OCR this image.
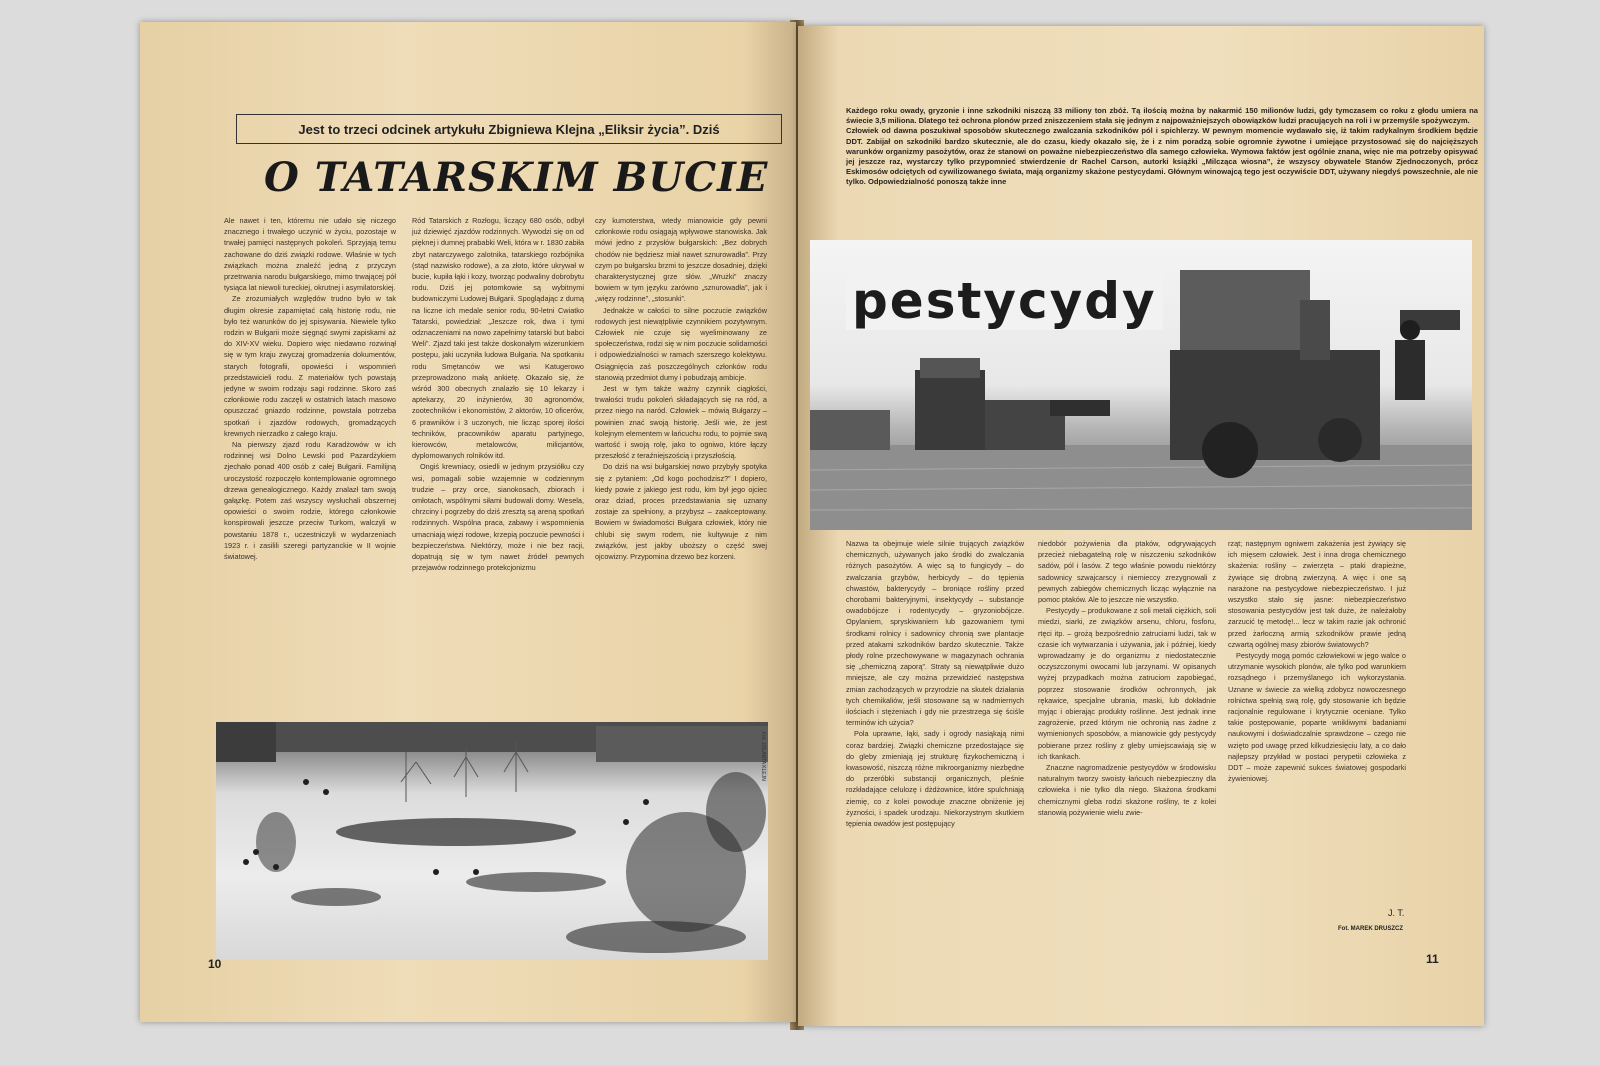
Jest to trzeci odcinek artykułu Zbigniewa Klejna „Eliksir życia”. Dziś
O TATARSKIM BUCIE

Ale nawet i ten, któremu nie udało się niczego znacznego i trwałego uczynić w życiu, pozostaje w trwałej pamięci następnych pokoleń. Sprzyjają temu zachowane do dziś związki rodowe. Właśnie w tych związkach można znaleźć jedną z przyczyn przetrwania narodu bułgarskiego, mimo trwającej pół tysiąca lat niewoli tureckiej, okrutnej i asymilatorskiej.

Ze zrozumiałych względów trudno było w tak długim okresie zapamiętać całą historię rodu, nie było też warunków do jej spisywania. Niewiele tylko rodzin w Bułgarii może sięgnąć swymi zapiskami aż do XIV-XV wieku. Dopiero więc niedawno rozwinął się w tym kraju zwyczaj gromadzenia dokumentów, starych fotografii, opowieści i wspomnień przedstawicieli rodu. Z materiałów tych powstają jedyne w swoim rodzaju sagi rodzinne. Skoro zaś członkowie rodu zaczęli w ostatnich latach masowo opuszczać gniazdo rodzinne, powstała potrzeba spotkań i zjazdów rodowych, gromadzących krewnych nierzadko z całego kraju.

Na pierwszy zjazd rodu Karadżowów w ich rodzinnej wsi Dolno Lewski pod Pazardżykiem zjechało ponad 400 osób z całej Bułgarii. Familijną uroczystość rozpoczęło kontemplowanie ogromnego drzewa genealogicznego. Każdy znalazł tam swoją gałązkę. Potem zaś wszyscy wysłuchali obszernej opowieści o swoim rodzie, którego członkowie konspirowali jeszcze przeciw Turkom, walczyli w powstaniu 1878 r., uczestniczyli w wydarzeniach 1923 r. i zasilili szeregi partyzanckie w II wojnie światowej.

Ród Tatarskich z Rozłogu, liczący 680 osób, odbył już dziewięć zjazdów rodzinnych. Wywodzi się on od pięknej i dumnej prababki Weli, która w r. 1830 zabiła zbyt natarczywego zalotnika, tatarskiego rozbójnika (stąd nazwisko rodowe), a za złoto, które ukrywał w bucie, kupiła łąki i kozy, tworząc podwaliny dobrobytu rodu. Dziś jej potomkowie są wybitnymi budowniczymi Ludowej Bułgarii. Spoglądając z dumą na liczne ich medale senior rodu, 90-letni Cwiatko Tatarski, powiedział: „Jeszcze rok, dwa i tymi odznaczeniami na nowo zapełnimy tatarski but babci Weli”. Zjazd taki jest także doskonałym wizerunkiem postępu, jaki uczyniła ludowa Bułgaria. Na spotkaniu rodu Smętanców we wsi Katugerowo przeprowadzono małą ankietę. Okazało się, że wśród 300 obecnych znalazło się 10 lekarzy i aptekarzy, 20 inżynierów, 30 agronomów, zootechników i ekonomistów, 2 aktorów, 10 oficerów, 6 prawników i 3 uczonych, nie licząc sporej ilości techników, pracowników aparatu partyjnego, kierowców, metalowców, milicjantów, dyplomowanych rolników itd.

Ongiś krewniacy, osiedli w jednym przysiółku czy wsi, pomagali sobie wzajemnie w codziennym trudzie – przy orce, sianokosach, zbiorach i omłotach, wspólnymi siłami budowali domy. Wesela, chrzciny i pogrzeby do dziś zresztą są areną spotkań rodzinnych. Wspólna praca, zabawy i wspomnienia umacniają więzi rodowe, krzepią poczucie pewności i bezpieczeństwa. Niektórzy, może i nie bez racji, dopatrują się w tym nawet źródeł pewnych przejawów rodzinnego protekcjonizmu

czy kumoterstwa, wtedy mianowicie gdy pewni członkowie rodu osiągają wpływowe stanowiska. Jak mówi jedno z przysłów bułgarskich: „Bez dobrych chodów nie będziesz miał nawet sznurowadła”. Przy czym po bułgarsku brzmi to jeszcze dosadniej, dzięki charakterystycznej grze słów. „Wrużki” znaczy bowiem w tym języku zarówno „sznurowadła”, jak i „więzy rodzinne”, „stosunki”.

Jednakże w całości to silne poczucie związków rodowych jest niewątpliwie czynnikiem pozytywnym. Człowiek nie czuje się wyeliminowany ze społeczeństwa, rodzi się w nim poczucie solidarności i odpowiedzialności w ramach szerszego kolektywu. Osiągnięcia zaś poszczególnych członków rodu stanowią przedmiot dumy i pobudzają ambicje.

Jest w tym także ważny czynnik ciągłości, trwałości trudu pokoleń składających się na ród, a przez niego na naród. Człowiek – mówią Bułgarzy – powinien znać swoją historię. Jeśli wie, że jest kolejnym elementem w łańcuchu rodu, to pojmie swą wartość i swoją rolę, jako to ogniwo, które łączy przeszłość z teraźniejszością i przyszłością.

Do dziś na wsi bułgarskiej nowo przybyły spotyka się z pytaniem: „Od kogo pochodzisz?” I dopiero, kiedy powie z jakiego jest rodu, kim był jego ojciec oraz dziad, proces przedstawiania się uznany zostaje za spełniony, a przybysz – zaakceptowany. Bowiem w świadomości Bułgara człowiek, który nie chlubi się swym rodem, nie kultywuje z nim związków, jest jakby uboższy o część swej ojcowizny. Przypomina drzewo bez korzeni.

Fot. JOLANTA KLEJN
10

Każdego roku owady, gryzonie i inne szkodniki niszczą 33 miliony ton zbóż. Tą ilością można by nakarmić 150 milionów ludzi, gdy tymczasem co roku z głodu umiera na świecie 3,5 miliona. Dlatego też ochrona plonów przed zniszczeniem stała się jednym z najpoważniejszych obowiązków ludzi pracujących na roli i w przemyśle spożywczym.

Człowiek od dawna poszukiwał sposobów skutecznego zwalczania szkodników pól i spichlerzy. W pewnym momencie wydawało się, iż takim radykalnym środkiem będzie DDT. Zabijał on szkodniki bardzo skutecznie, ale do czasu, kiedy okazało się, że i z nim poradzą sobie ogromnie żywotne i umiejące przystosować się do najcięższych warunków organizmy pasożytów, oraz że stanowi on poważne niebezpieczeństwo dla samego człowieka. Wymowa faktów jest ogólnie znana, więc nie ma potrzeby opisywać jej jeszcze raz, wystarczy tylko przypomnieć stwierdzenie dr Rachel Carson, autorki książki „Milcząca wiosna”, że wszyscy obywatele Stanów Zjednoczonych, prócz Eskimosów odciętych od cywilizowanego świata, mają organizmy skażone pestycydami. Głównym winowajcą tego jest oczywiście DDT, używany niegdyś powszechnie, ale nie tylko. Odpowiedzialność ponoszą także inne

pestycydy

Nazwa ta obejmuje wiele silnie trujących związków chemicznych, używanych jako środki do zwalczania różnych pasożytów. A więc są to fungicydy – do zwalczania grzybów, herbicydy – do tępienia chwastów, bakterycydy – broniące rośliny przed chorobami bakteryjnymi, insektycydy – substancje owadobójcze i rodentycydy – gryzoniobójcze. Opylaniem, spryskiwaniem lub gazowaniem tymi środkami rolnicy i sadownicy chronią swe plantacje przed atakami szkodników bardzo skutecznie. Także płody rolne przechowywane w magazynach ochrania się „chemiczną zaporą”. Straty są niewątpliwie dużo mniejsze, ale czy można przewidzieć następstwa zmian zachodzących w przyrodzie na skutek działania tych chemikaliów, jeśli stosowane są w nadmiernych ilościach i stężeniach i gdy nie przestrzega się ściśle terminów ich użycia?

Pola uprawne, łąki, sady i ogrody nasiąkają nimi coraz bardziej. Związki chemiczne przedostające się do gleby zmieniają jej strukturę fizykochemiczną i kwasowość, niszczą różne mikroorganizmy niezbędne do przeróbki substancji organicznych, pleśnie rozkładające celulozę i dżdżownice, które spulchniają ziemię, co z kolei powoduje znaczne obniżenie jej żyzności, i spadek urodzaju. Niekorzystnym skutkiem tępienia owadów jest postępujący

niedobór pożywienia dla ptaków, odgrywających przecież niebagatelną rolę w niszczeniu szkodników sadów, pól i lasów. Z tego właśnie powodu niektórzy sadownicy szwajcarscy i niemieccy zrezygnowali z pewnych zabiegów chemicznych licząc wyłącznie na pomoc ptaków. Ale to jeszcze nie wszystko.

Pestycydy – produkowane z soli metali ciężkich, soli miedzi, siarki, ze związków arsenu, chloru, fosforu, rtęci itp. – grożą bezpośrednio zatruciami ludzi, tak w czasie ich wytwarzania i używania, jak i później, kiedy wprowadzamy je do organizmu z niedostatecznie oczyszczonymi owocami lub jarzynami. W opisanych wyżej przypadkach można zatruciom zapobiegać, poprzez stosowanie środków ochronnych, jak rękawice, specjalne ubrania, maski, lub dokładnie myjąc i obierając produkty roślinne. Jest jednak inne zagrożenie, przed którym nie ochronią nas żadne z wymienionych sposobów, a mianowicie gdy pestycydy pobierane przez rośliny z gleby umiejscawiają się w ich tkankach.

Znaczne nagromadzenie pestycydów w środowisku naturalnym tworzy swoisty łańcuch niebezpieczny dla człowieka i nie tylko dla niego. Skażona środkami chemicznymi gleba rodzi skażone rośliny, te z kolei stanowią pożywienie wielu zwie-

rząt; następnym ogniwem zakażenia jest żywiący się ich mięsem człowiek. Jest i inna droga chemicznego skażenia: rośliny – zwierzęta – ptaki drapieżne, żywiące się drobną zwierzyną. A więc i one są narażone na pestycydowe niebezpieczeństwo. I już wszystko stało się jasne: niebezpieczeństwo stosowania pestycydów jest tak duże, że należałoby zarzucić tę metodę!... lecz w takim razie jak ochronić przed żarłoczną armią szkodników prawie jedną czwartą ogólnej masy zbiorów światowych?

Pestycydy mogą pomóc człowiekowi w jego walce o utrzymanie wysokich plonów, ale tylko pod warunkiem rozsądnego i przemyślanego ich wykorzystania. Uznane w świecie za wielką zdobycz nowoczesnego rolnictwa spełnią swą rolę, gdy stosowanie ich będzie racjonalnie regulowane i krytycznie oceniane. Tylko takie postępowanie, poparte wnikliwymi badaniami naukowymi i doświadczalnie sprawdzone – czego nie wzięto pod uwagę przed kilkudziesięciu laty, a co dało najlepszy przykład w postaci perypetii człowieka z DDT – może zapewnić sukces światowej gospodarki żywieniowej.

J. T.
Fot. MAREK DRUSZCZ
11
